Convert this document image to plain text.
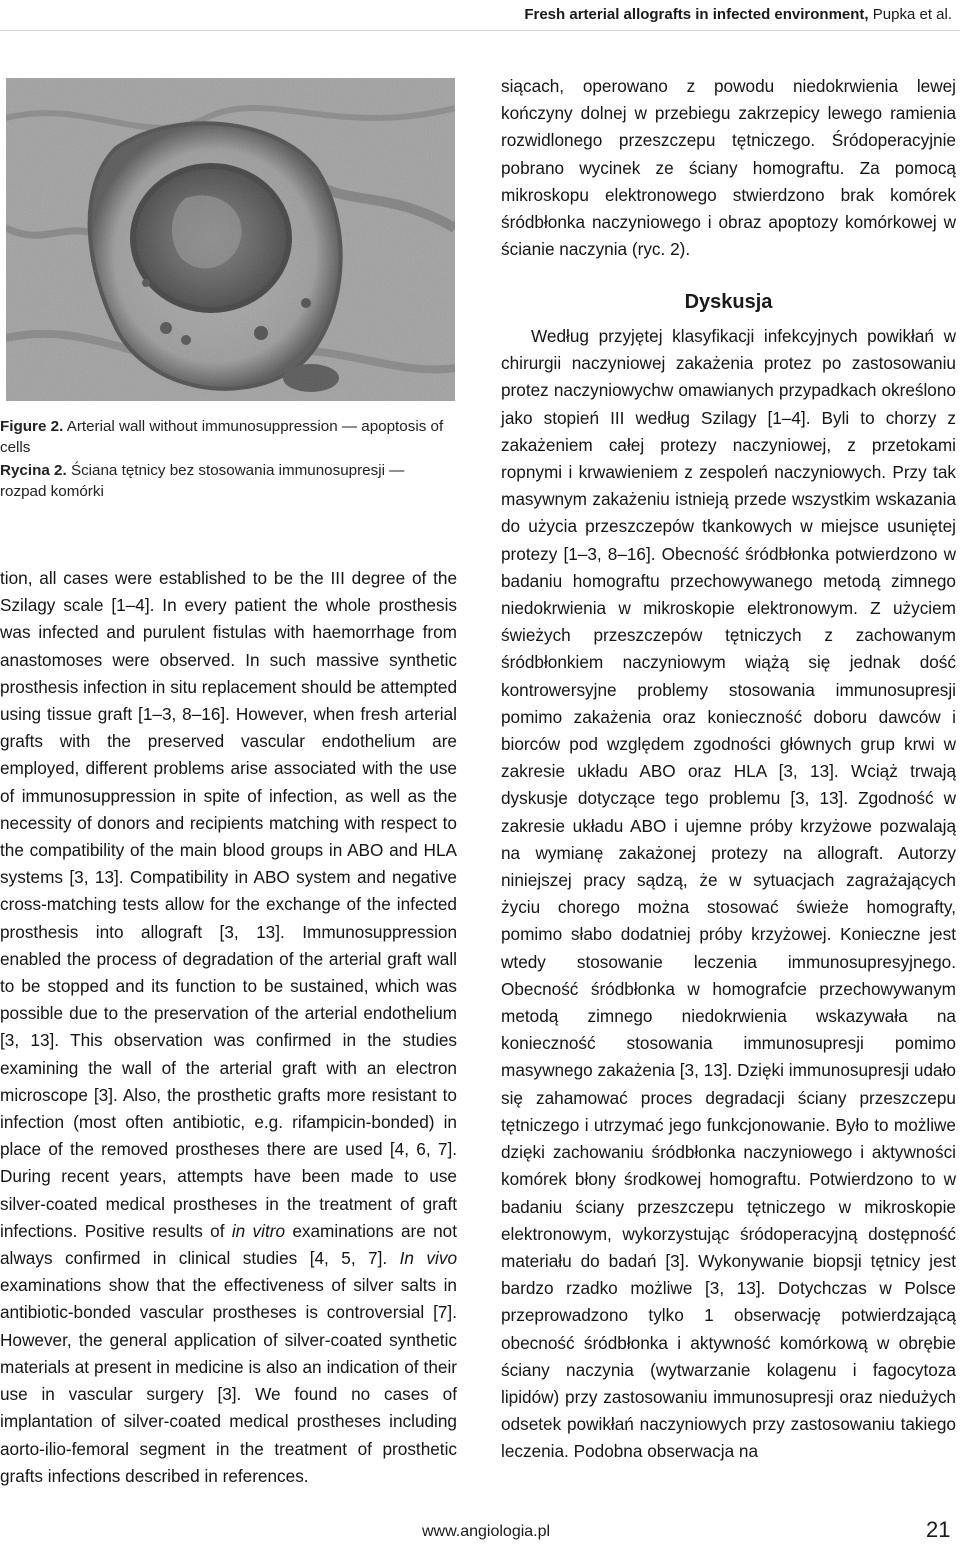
Fresh arterial allografts in infected environment, Pupka et al.

Figure 2. Arterial wall without immunosuppression — apoptosis of cells

Rycina 2. Ściana tętnicy bez stosowania immunosupresji — rozpad komórki

tion, all cases were established to be the III degree of the Szilagy scale [1–4]. In every patient the whole prosthesis was infected and purulent fistulas with haemorrhage from anastomoses were observed. In such massive synthetic prosthesis infection in situ replacement should be attempted using tissue graft [1–3, 8–16]. However, when fresh arterial grafts with the preserved vascular endothelium are employed, different problems arise associated with the use of immunosuppression in spite of infection, as well as the necessity of donors and recipients matching with respect to the compatibility of the main blood groups in ABO and HLA systems [3, 13]. Compatibility in ABO system and negative cross-matching tests allow for the exchange of the infected prosthesis into allograft [3, 13]. Immunosuppression enabled the process of degradation of the arterial graft wall to be stopped and its function to be sustained, which was possible due to the preservation of the arterial endothelium [3, 13]. This observation was confirmed in the studies examining the wall of the arterial graft with an electron microscope [3]. Also, the prosthetic grafts more resistant to infection (most often antibiotic, e.g. rifampicin-bonded) in place of the removed prostheses there are used [4, 6, 7]. During recent years, attempts have been made to use silver-coated medical prostheses in the treatment of graft infections. Positive results of in vitro examinations are not always confirmed in clinical studies [4, 5, 7]. In vivo examinations show that the effectiveness of silver salts in antibiotic-bonded vascular prostheses is controversial [7]. However, the general application of silver-coated synthetic materials at present in medicine is also an indication of their use in vascular surgery [3]. We found no cases of implantation of silver-coated medical prostheses including aorto-ilio-femoral segment in the treatment of prosthetic grafts infections described in references.

siącach, operowano z powodu niedokrwienia lewej kończyny dolnej w przebiegu zakrzepicy lewego ramienia rozwidlonego przeszczepu tętniczego. Śródoperacyjnie pobrano wycinek ze ściany homograftu. Za pomocą mikroskopu elektronowego stwierdzono brak komórek śródbłonka naczyniowego i obraz apoptozy komórkowej w ścianie naczynia (ryc. 2).

Dyskusja

Według przyjętej klasyfikacji infekcyjnych powikłań w chirurgii naczyniowej zakażenia protez po zastosowaniu protez naczyniowychw omawianych przypadkach określono jako stopień III według Szilagy [1–4]. Byli to chorzy z zakażeniem całej protezy naczyniowej, z przetokami ropnymi i krwawieniem z zespoleń naczyniowych. Przy tak masywnym zakażeniu istnieją przede wszystkim wskazania do użycia przeszczepów tkankowych w miejsce usuniętej protezy [1–3, 8–16]. Obecność śródbłonka potwierdzono w badaniu homograftu przechowywanego metodą zimnego niedokrwienia w mikroskopie elektronowym. Z użyciem świeżych przeszczepów tętniczych z zachowanym śródbłonkiem naczyniowym wiążą się jednak dość kontrowersyjne problemy stosowania immunosupresji pomimo zakażenia oraz konieczność doboru dawców i biorców pod względem zgodności głównych grup krwi w zakresie układu ABO oraz HLA [3, 13]. Wciąż trwają dyskusje dotyczące tego problemu [3, 13]. Zgodność w zakresie układu ABO i ujemne próby krzyżowe pozwalają na wymianę zakażonej protezy na allograft. Autorzy niniejszej pracy sądzą, że w sytuacjach zagrażających życiu chorego można stosować świeże homografty, pomimo słabo dodatniej próby krzyżowej. Konieczne jest wtedy stosowanie leczenia immunosupresyjnego. Obecność śródbłonka w homografcie przechowywanym metodą zimnego niedokrwienia wskazywała na konieczność stosowania immunosupresji pomimo masywnego zakażenia [3, 13]. Dzięki immunosupresji udało się zahamować proces degradacji ściany przeszczepu tętniczego i utrzymać jego funkcjonowanie. Było to możliwe dzięki zachowaniu śródbłonka naczyniowego i aktywności komórek błony środkowej homograftu. Potwierdzono to w badaniu ściany przeszczepu tętniczego w mikroskopie elektronowym, wykorzystując śródoperacyjną dostępność materiału do badań [3]. Wykonywanie biopsji tętnicy jest bardzo rzadko możliwe [3, 13]. Dotychczas w Polsce przeprowadzono tylko 1 obserwację potwierdzającą obecność śródbłonka i aktywność komórkową w obrębie ściany naczynia (wytwarzanie kolagenu i fagocytoza lipidów) przy zastosowaniu immunosupresji oraz niedużych odsetek powikłań naczyniowych przy zastosowaniu takiego leczenia. Podobna obserwacja na

www.angiologia.pl	21
